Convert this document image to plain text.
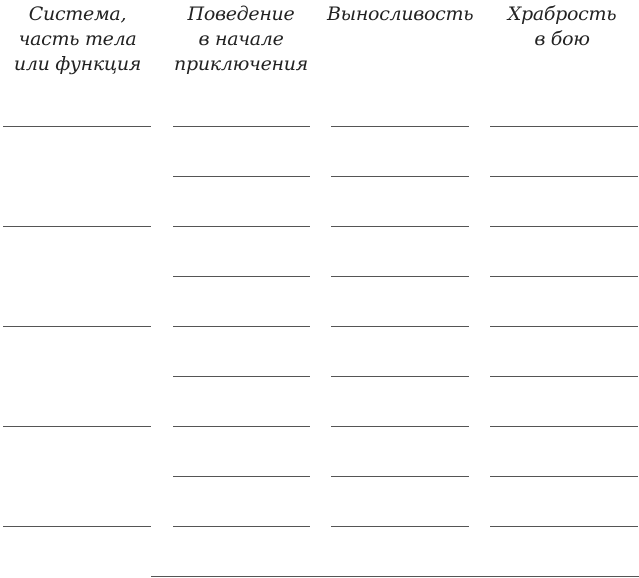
Система,
часть тела
или функция
Поведение
в начале
приключения
Выносливость	Храбрость
в бою
